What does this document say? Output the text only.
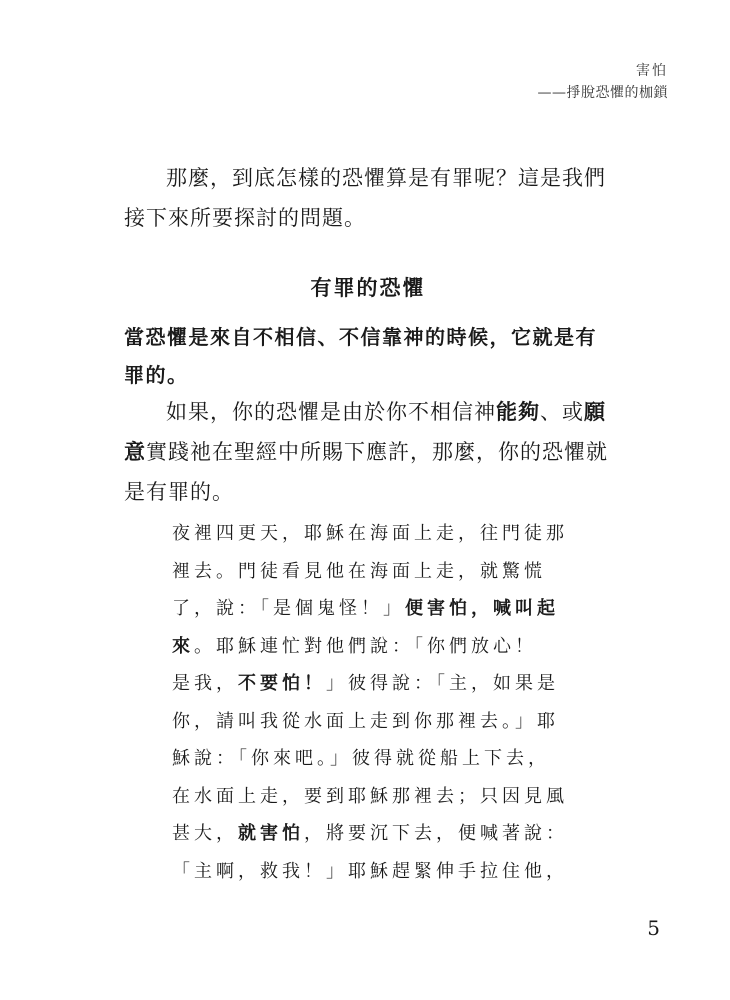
害怕
——掙脫恐懼的枷鎖

那麼，到底怎樣的恐懼算是有罪呢？這是我們接下來所要探討的問題。

有罪的恐懼
當恐懼是來自不相信、不信靠神的時候，它就是有罪的。

如果，你的恐懼是由於你不相信神能夠、或願意實踐祂在聖經中所賜下應許，那麼，你的恐懼就是有罪的。

夜裡四更天，耶穌在海面上走，往門徒那
裡去。門徒看見他在海面上走，就驚慌
了，說：「是個鬼怪！」便害怕，喊叫起
來。耶穌連忙對他們說：「你們放心！
是我，不要怕！」彼得說：「主，如果是
你，請叫我從水面上走到你那裡去。」耶
穌說：「你來吧。」彼得就從船上下去，
在水面上走，要到耶穌那裡去；只因見風
甚大，就害怕，將要沉下去，便喊著說：
「主啊，救我！」耶穌趕緊伸手拉住他，
5
